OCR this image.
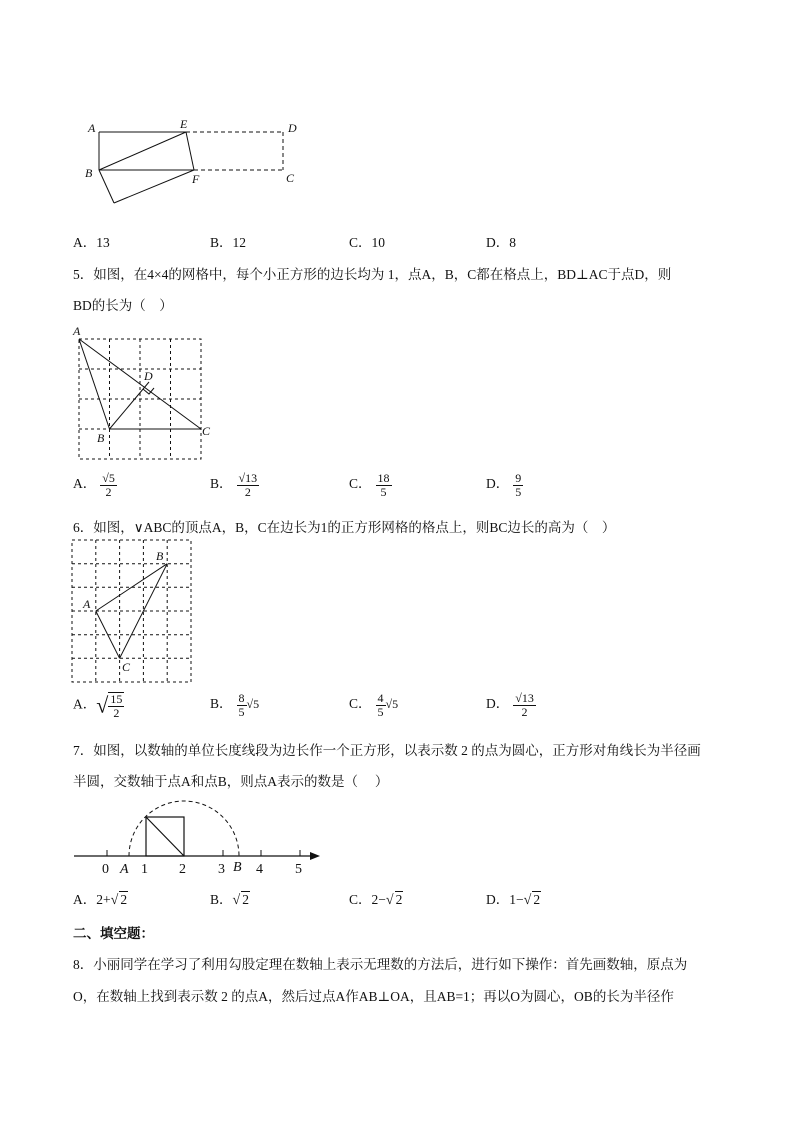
A	E	D
B	F	C
A．13	B．12	C．10	D．8
5．如图，在4×4的网格中，每个小正方形的边长均为 1，点A，B，C都在格点上，BD⊥AC于点D，则
BD的长为（　）
A
D
B	C
A． $\frac{√5}{2}$	B． $\frac{√13}{2}$	C． $\frac{18}{5}$	D． $\frac{9}{5}$
6．如图，∨ABC的顶点A，B，C在边长为1的正方形网格的格点上，则BC边长的高为（　）
B
A
C
A．√ $\frac{15}{2}$	B． $\frac{8}{5} √5$	C． $\frac{4}{5} √5$	D． $\frac{√13}{2}$
7．如图，以数轴的单位长度线段为边长作一个正方形，以表示数 2 的点为圆心，正方形对角线长为半径画
半圆，交数轴于点A和点B，则点A表示的数是（　 ）
0 A 1 2 3 B 4 5
A．2+√ 2	B．√ 2	C．2−√ 2	D．1−√ 2
二、填空题：
8．小丽同学在学习了利用勾股定理在数轴上表示无理数的方法后，进行如下操作：首先画数轴，原点为
O，在数轴上找到表示数 2 的点A，然后过点A作AB⊥OA，且AB=1；再以O为圆心，OB的长为半径作
